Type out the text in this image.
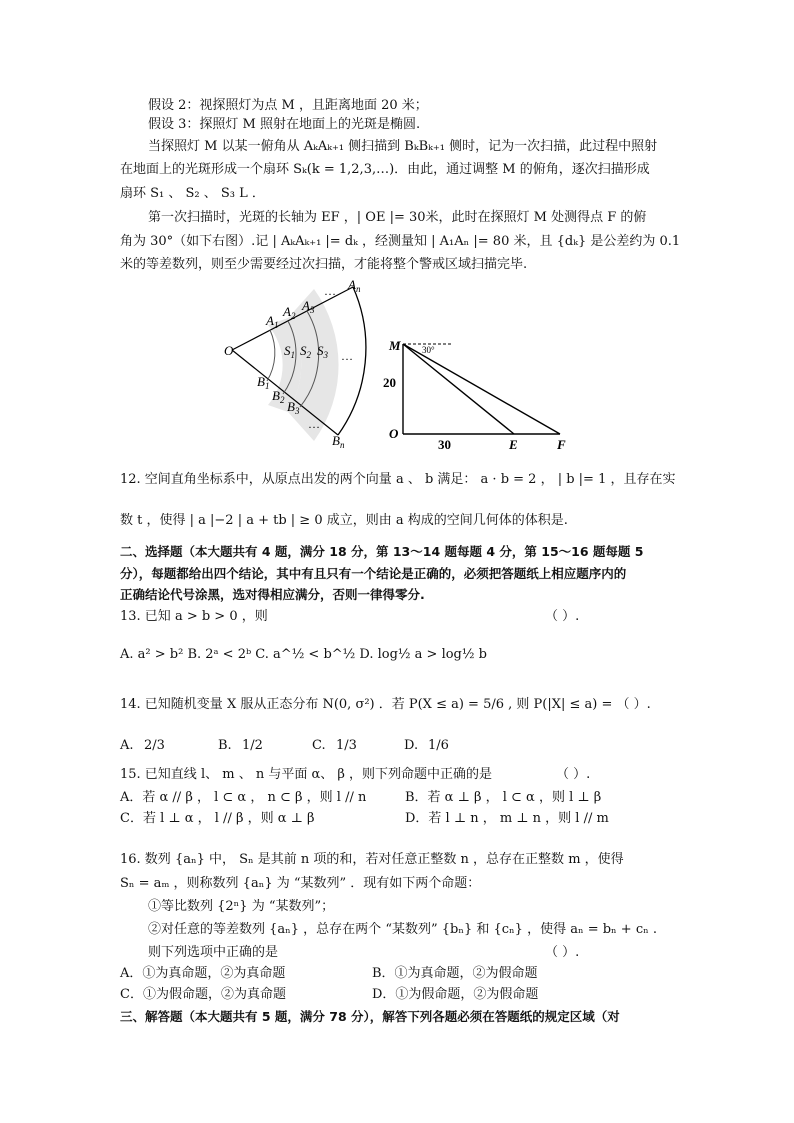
假设 2：视探照灯为点 M ，且距离地面 20 米；
假设 3：探照灯 M 照射在地面上的光斑是椭圆.
当探照灯 M 以某一俯角从 AₖAₖ₊₁ 侧扫描到 BₖBₖ₊₁ 侧时，记为一次扫描，此过程中照射
在地面上的光斑形成一个扇环 Sₖ(k = 1,2,3,…)．由此，通过调整 M 的俯角，逐次扫描形成
扇环 S₁ 、 S₂ 、 S₃ L ．
第一次扫描时，光斑的长轴为 EF ，| OE |= 30米，此时在探照灯 M 处测得点 F 的俯
角为 30°（如下右图）.记 | AₖAₖ₊₁ |= dₖ ，经测量知 | A₁Aₙ |= 80 米，且 {dₖ} 是公差约为 0.1
米的等差数列，则至少需要经过次扫描，才能将整个警戒区域扫描完毕.
O
$A_1$
$A_2$
$A_3$
… $A_n$
$S_1$ $S_2$ $S_3$ …
$B_1$
$B_2$ $B_3$
…
$B_n$
M 30°
20
O
30	E	F
12. 空间直角坐标系中，从原点出发的两个向量 a 、 b 满足： a · b = 2 ， | b |= 1 ，且存在实
数 t ，使得 | a |−2 | a + tb | ≥ 0 成立，则由 a 构成的空间几何体的体积是.
二、选择题（本大题共有 4 题，满分 18 分，第 13～14 题每题 4 分，第 15～16 题每题 5
分），每题都给出四个结论，其中有且只有一个结论是正确的，必须把答题纸上相应题序内的
正确结论代号涂黑，选对得相应满分，否则一律得零分.
13. 已知 a > b > 0 ，则	（ ）.
A. a² > b² B. 2ᵃ < 2ᵇ C. a^½ < b^½ D. log½ a > log½ b
14. 已知随机变量 X 服从正态分布 N(0, σ²) ．若 P(X ≤ a) = 5/6 , 则 P(|X| ≤ a) = （ ）.
A. 2/3	B. 1/2	C. 1/3	D. 1/6
15. 已知直线 l、 m 、 n 与平面 α、 β ，则下列命题中正确的是	（ ）.
A．若 α // β ， l ⊂ α ， n ⊂ β ，则 l // n	B．若 α ⊥ β ， l ⊂ α ，则 l ⊥ β
C．若 l ⊥ α ， l // β ，则 α ⊥ β	D．若 l ⊥ n ， m ⊥ n ，则 l // m
16. 数列 {aₙ} 中， Sₙ 是其前 n 项的和，若对任意正整数 n ，总存在正整数 m ，使得
Sₙ = aₘ ，则称数列 {aₙ} 为 “某数列” ．现有如下两个命题：
①等比数列 {2ⁿ} 为 “某数列”；
②对任意的等差数列 {aₙ} ，总存在两个 “某数列” {bₙ} 和 {cₙ} ，使得 aₙ = bₙ + cₙ .
则下列选项中正确的是	（ ）.
A．①为真命题，②为真命题	B．①为真命题，②为假命题
C．①为假命题，②为真命题	D．①为假命题，②为假命题
三、解答题（本大题共有 5 题，满分 78 分），解答下列各题必须在答题纸的规定区域（对
